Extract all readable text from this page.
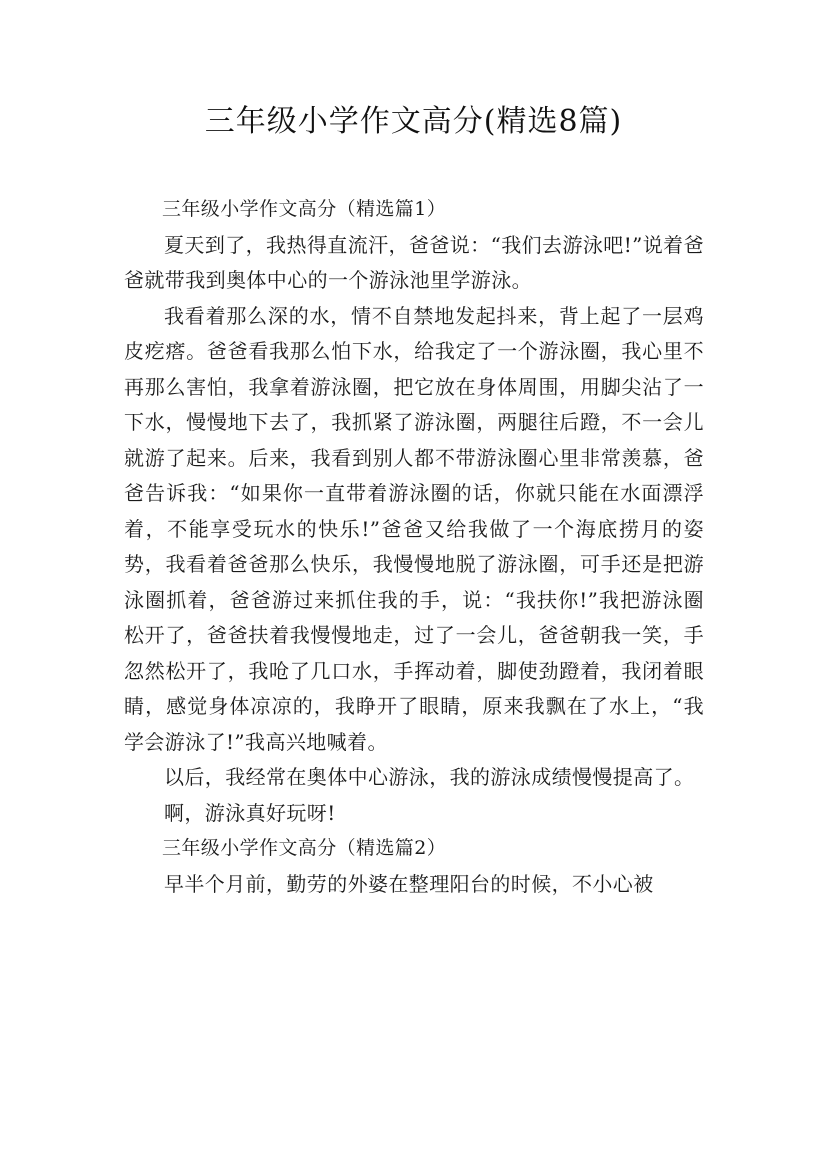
三年级小学作文高分(精选8篇)

三年级小学作文高分（精选篇1）

夏天到了，我热得直流汗，爸爸说：“我们去游泳吧!”说着爸爸就带我到奥体中心的一个游泳池里学游泳。

我看着那么深的水，情不自禁地发起抖来，背上起了一层鸡皮疙瘩。爸爸看我那么怕下水，给我定了一个游泳圈，我心里不再那么害怕，我拿着游泳圈，把它放在身体周围，用脚尖沾了一下水，慢慢地下去了，我抓紧了游泳圈，两腿往后蹬，不一会儿就游了起来。后来，我看到别人都不带游泳圈心里非常羡慕，爸爸告诉我：“如果你一直带着游泳圈的话，你就只能在水面漂浮着，不能享受玩水的快乐!”爸爸又给我做了一个海底捞月的姿势，我看着爸爸那么快乐，我慢慢地脱了游泳圈，可手还是把游泳圈抓着，爸爸游过来抓住我的手，说：“我扶你!”我把游泳圈松开了，爸爸扶着我慢慢地走，过了一会儿，爸爸朝我一笑，手忽然松开了，我呛了几口水，手挥动着，脚使劲蹬着，我闭着眼睛，感觉身体凉凉的，我睁开了眼睛，原来我飘在了水上，“我学会游泳了!”我高兴地喊着。

以后，我经常在奥体中心游泳，我的游泳成绩慢慢提高了。

啊，游泳真好玩呀!

三年级小学作文高分（精选篇2）

早半个月前，勤劳的外婆在整理阳台的时候，不小心被
